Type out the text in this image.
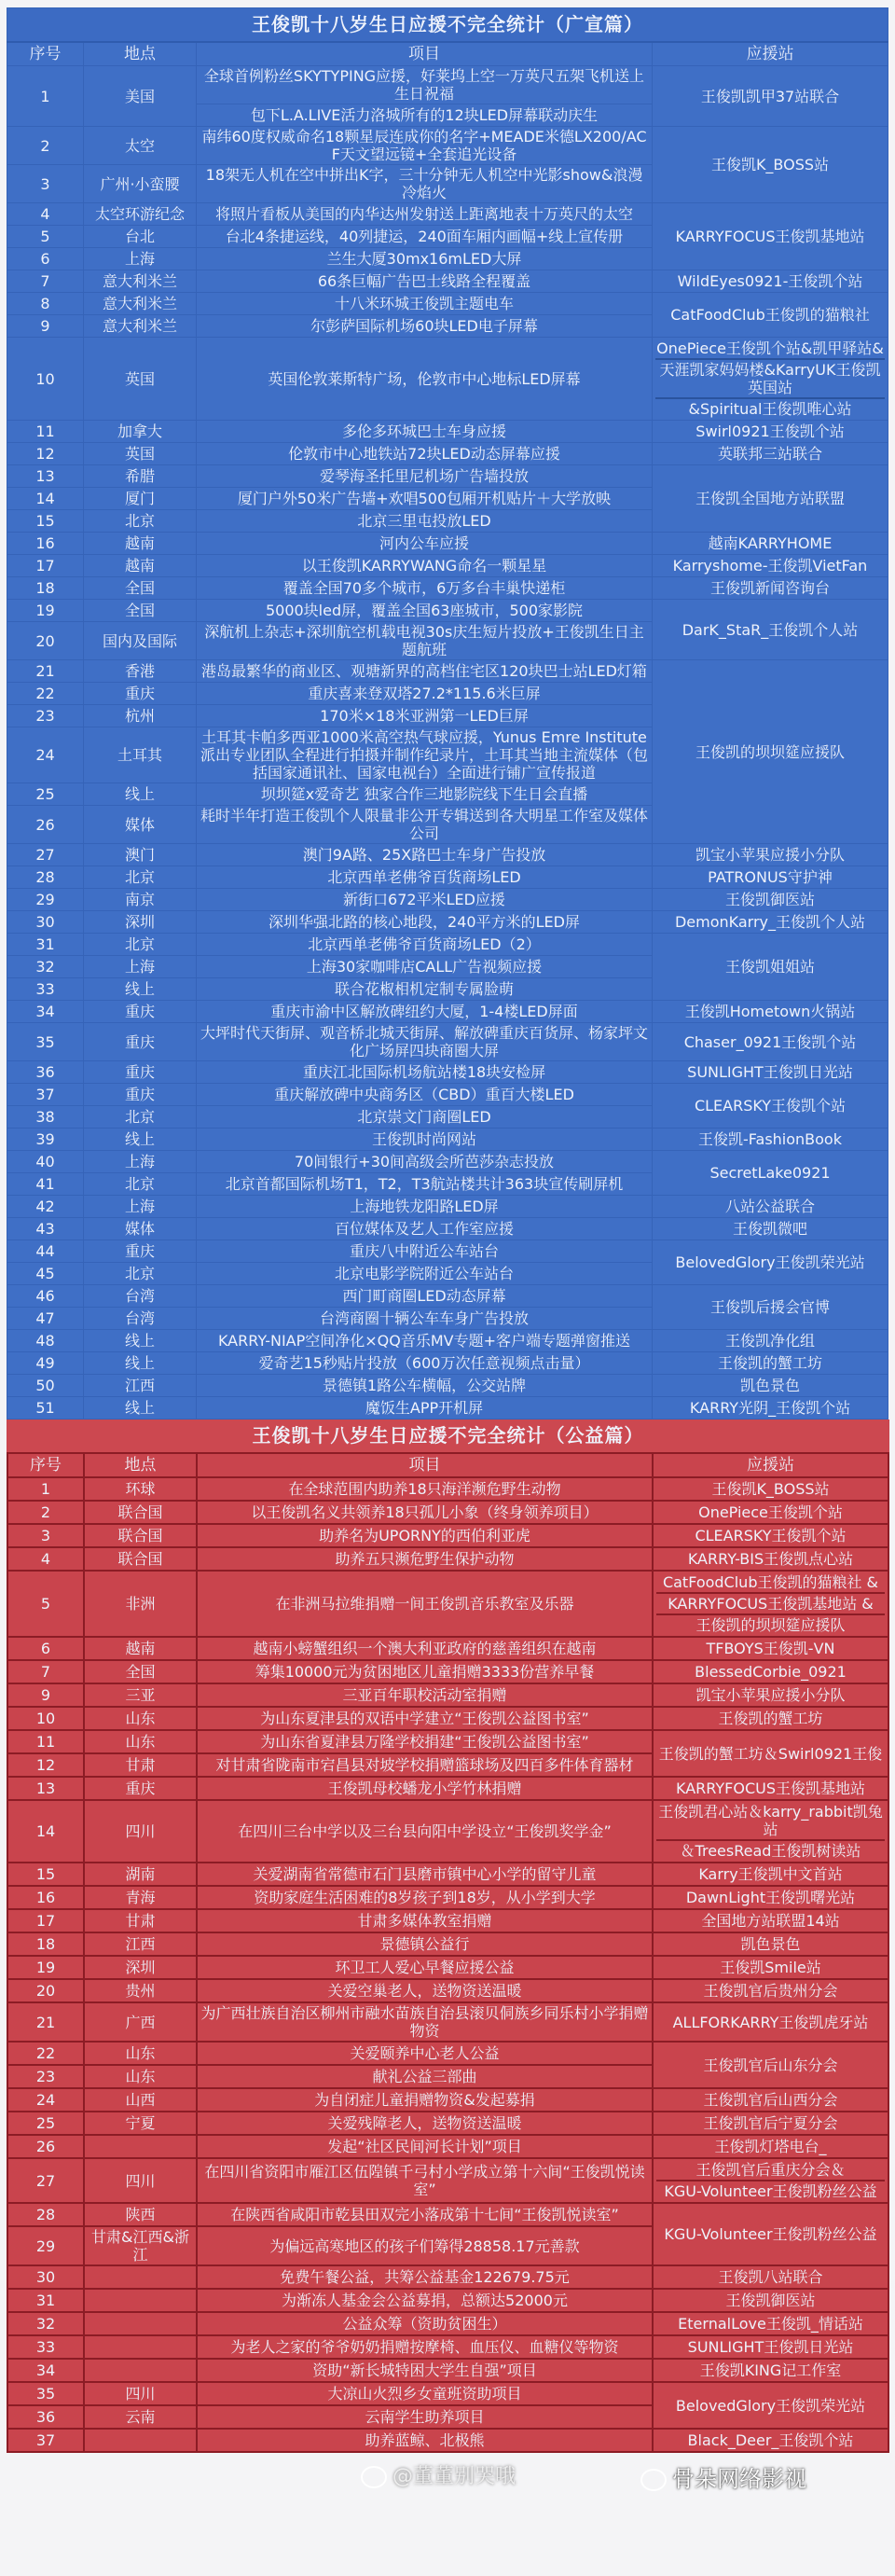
王俊凯十八岁生日应援不完全统计（广宣篇）			
序号	地点	项目	应援站
1	美国	全球首例粉丝SKYTYPING应援，好莱坞上空一万英尺五架飞机送上生日祝福	王俊凯凯甲37站联合

		包下L.A.LIVE活力洛城所有的12块LED屏幕联动庆生	
2	太空	南纬60度权威命名18颗星辰连成你的名字+MEADE米德LX200/ACF天文望远镜+全套追光设备	王俊凯K_BOSS站

3	广州·小蛮腰	18架无人机在空中拼出K字，三十分钟无人机空中光影show&浪漫冷焰火	
4	太空环游纪念	将照片看板从美国的内华达州发射送上距离地表十万英尺的太空	KARRYFOCUS王俊凯基地站

5	台北	台北4条捷运线，40列捷运，240面车厢内画幅+线上宣传册	
6	上海	兰生大厦30mx16mLED大屏	
7	意大利米兰	66条巨幅广告巴士线路全程覆盖	WildEyes0921-王俊凯个站

8	意大利米兰	十八米环城王俊凯主题电车	CatFoodClub王俊凯的猫粮社

9	意大利米兰	尔彭萨国际机场60块LED电子屏幕	
10	英国	英国伦敦莱斯特广场，伦敦市中心地标LED屏幕	OnePiece王俊凯个站&凯甲驿站&
天涯凯家妈妈楼&KarryUK王俊凯英国站
&Spiritual王俊凯唯心站

11	加拿大	多伦多环城巴士车身应援	Swirl0921王俊凯个站

12	英国	伦敦市中心地铁站72块LED动态屏幕应援	英联邦三站联合

13	希腊	爱琴海圣托里尼机场广告墙投放	王俊凯全国地方站联盟

14	厦门	厦门户外50米广告墙+欢唱500包厢开机贴片＋大学放映	
15	北京	北京三里屯投放LED	
16	越南	河内公车应援	越南KARRYHOME

17	越南	以王俊凯KARRYWANG命名一颗星星	Karryshome-王俊凯VietFan

18	全国	覆盖全国70多个城市，6万多台丰巢快递柜	王俊凯新闻咨询台

19	全国	5000块led屏，覆盖全国63座城市，500家影院	DarK_StaR_王俊凯个人站

20	国内及国际	深航机上杂志+深圳航空机载电视30s庆生短片投放+王俊凯生日主题航班	
21	香港	港岛最繁华的商业区、观塘新界的高档住宅区120块巴士站LED灯箱	王俊凯的坝坝筵应援队

22	重庆	重庆喜来登双塔27.2*115.6米巨屏	
23	杭州	170米×18米亚洲第一LED巨屏	
24	土耳其	土耳其卡帕多西亚1000米高空热气球应援，Yunus Emre Institute派出专业团队全程进行拍摄并制作纪录片，土耳其当地主流媒体（包括国家通讯社、国家电视台）全面进行铺广宣传报道	
25	线上	坝坝筵x爱奇艺 独家合作三地影院线下生日会直播	
26	媒体	耗时半年打造王俊凯个人限量非公开专辑送到各大明星工作室及媒体公司	
27	澳门	澳门9A路、25X路巴士车身广告投放	凯宝小苹果应援小分队

28	北京	北京西单老佛爷百货商场LED	PATRONUS守护神

29	南京	新街口672平米LED应援	王俊凯御医站

30	深圳	深圳华强北路的核心地段，240平方米的LED屏	DemonKarry_王俊凯个人站

31	北京	北京西单老佛爷百货商场LED（2）	王俊凯姐姐站

32	上海	上海30家咖啡店CALL广告视频应援	
33	线上	联合花椒相机定制专属脸萌	
34	重庆	重庆市渝中区解放碑纽约大厦，1-4楼LED屏面	王俊凯Hometown火锅站

35	重庆	大坪时代天街屏、观音桥北城天街屏、解放碑重庆百货屏、杨家坪文化广场屏四块商圈大屏	Chaser_0921王俊凯个站

36	重庆	重庆江北国际机场航站楼18块安检屏	SUNLIGHT王俊凯日光站

37	重庆	重庆解放碑中央商务区（CBD）重百大楼LED	CLEARSKY王俊凯个站

38	北京	北京崇文门商圈LED	
39	线上	王俊凯时尚网站	王俊凯-FashionBook

40	上海	70间银行+30间高级会所芭莎杂志投放	SecretLake0921

41	北京	北京首都国际机场T1，T2，T3航站楼共计363块宣传刷屏机	
42	上海	上海地铁龙阳路LED屏	八站公益联合

43	媒体	百位媒体及艺人工作室应援	王俊凯微吧

44	重庆	重庆八中附近公车站台	BelovedGlory王俊凯荣光站

45	北京	北京电影学院附近公车站台	
46	台湾	西门町商圈LED动态屏幕	王俊凯后援会官博

47	台湾	台湾商圈十辆公车车身广告投放	
48	线上	KARRY-NIAP空间净化×QQ音乐MV专题+客户端专题弹窗推送	王俊凯净化组

49	线上	爱奇艺15秒贴片投放（600万次任意视频点击量）	王俊凯的蟹工坊

50	江西	景德镇1路公车横幅，公交站牌	凯色景色

51	线上	魔饭生APP开机屏	KARRY光阴_王俊凯个站
王俊凯十八岁生日应援不完全统计（公益篇）			
序号	地点	项目	应援站
1	环球	在全球范围内助养18只海洋濒危野生动物	王俊凯K_BOSS站

2	联合国	以王俊凯名义共领养18只孤儿小象（终身领养项目）	OnePiece王俊凯个站

3	联合国	助养名为UPORNY的西伯利亚虎	CLEARSKY王俊凯个站

4	联合国	助养五只濒危野生保护动物	KARRY-BIS王俊凯点心站

5	非洲	在非洲马拉维捐赠一间王俊凯音乐教室及乐器	CatFoodClub王俊凯的猫粮社 &
KARRYFOCUS王俊凯基地站 &
王俊凯的坝坝筵应援队

6	越南	越南小螃蟹组织一个澳大利亚政府的慈善组织在越南	TFBOYS王俊凯-VN

7	全国	筹集10000元为贫困地区儿童捐赠3333份营养早餐	BlessedCorbie_0921

9	三亚	三亚百年职校活动室捐赠	凯宝小苹果应援小分队

10	山东	为山东夏津县的双语中学建立“王俊凯公益图书室”	王俊凯的蟹工坊

11	山东	为山东省夏津县万隆学校捐建“王俊凯公益图书室”	王俊凯的蟹工坊＆Swirl0921王俊

12	甘肃	对甘肃省陇南市宕昌县对坡学校捐赠篮球场及四百多件体育器材	
13	重庆	王俊凯母校蟠龙小学竹林捐赠	KARRYFOCUS王俊凯基地站

14	四川	在四川三台中学以及三台县向阳中学设立“王俊凯奖学金”	王俊凯君心站＆karry_rabbit凯兔站
＆TreesRead王俊凯树读站

15	湖南	关爱湖南省常德市石门县磨市镇中心小学的留守儿童	Karry王俊凯中文首站

16	青海	资助家庭生活困难的8岁孩子到18岁，从小学到大学	DawnLight王俊凯曙光站

17	甘肃	甘肃多媒体教室捐赠	全国地方站联盟14站

18	江西	景德镇公益行	凯色景色

19	深圳	环卫工人爱心早餐应援公益	王俊凯Smile站

20	贵州	关爱空巢老人，送物资送温暖	王俊凯官后贵州分会

21	广西	为广西壮族自治区柳州市融水苗族自治县滚贝侗族乡同乐村小学捐赠物资	ALLFORKARRY王俊凯虎牙站

22	山东	关爱颐养中心老人公益	王俊凯官后山东分会

23	山东	献礼公益三部曲	
24	山西	为自闭症儿童捐赠物资&发起募捐	王俊凯官后山西分会

25	宁夏	关爱残障老人，送物资送温暖	王俊凯官后宁夏分会

26		发起“社区民间河长计划”项目	王俊凯灯塔电台_

27	四川	在四川省资阳市雁江区伍隍镇千弓村小学成立第十六间“王俊凯悦读室”	王俊凯官后重庆分会＆
KGU-Volunteer王俊凯粉丝公益

28	陕西	在陕西省咸阳市乾县田双完小落成第十七间“王俊凯悦读室”	KGU-Volunteer王俊凯粉丝公益

29	甘肃&江西&浙江	为偏远高寒地区的孩子们筹得28858.17元善款	
30		免费午餐公益，共筹公益基金122679.75元	王俊凯八站联合

31		为渐冻人基金会公益募捐，总额达52000元	王俊凯御医站

32		公益众筹（资助贫困生）	EternalLove王俊凯_情话站

33		为老人之家的爷爷奶奶捐赠按摩椅、血压仪、血糖仪等物资	SUNLIGHT王俊凯日光站

34		资助“新长城特困大学生自强”项目	王俊凯KING记工作室

35	四川	大凉山火烈乡女童班资助项目	BelovedGlory王俊凯荣光站

36	云南	云南学生助养项目	
37		助养蓝鲸、北极熊	Black_Deer_王俊凯个站
@董董别哭哦	骨朵网络影视
